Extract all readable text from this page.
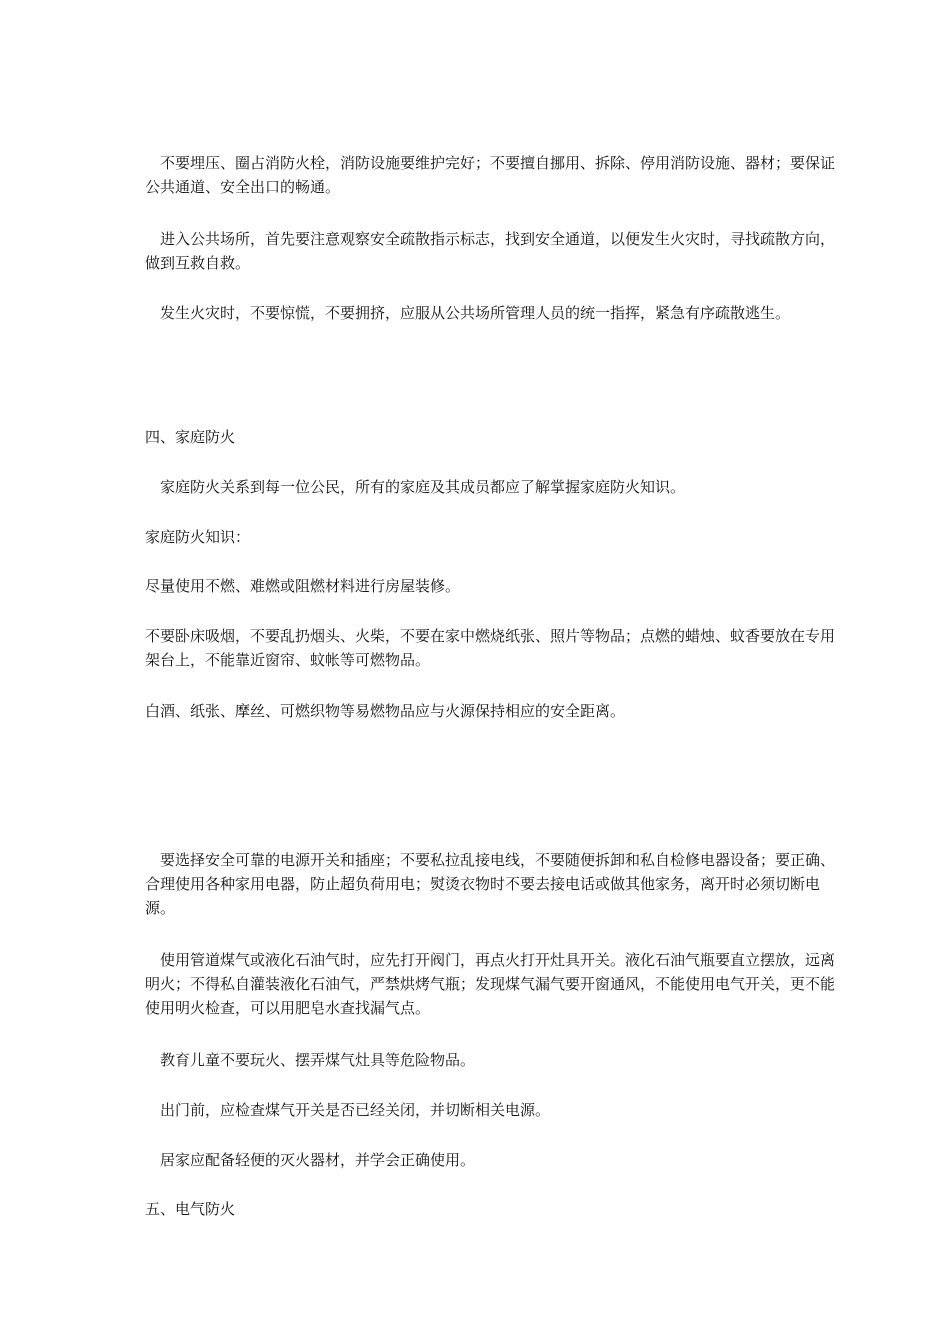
　不要埋压、圈占消防火栓，消防设施要维护完好；不要擅自挪用、拆除、停用消防设施、器材；要保证公共通道、安全出口的畅通。

　进入公共场所，首先要注意观察安全疏散指示标志，找到安全通道，以便发生火灾时，寻找疏散方向，做到互救自救。

　发生火灾时，不要惊慌，不要拥挤，应服从公共场所管理人员的统一指挥，紧急有序疏散逃生。

四、家庭防火

　家庭防火关系到每一位公民，所有的家庭及其成员都应了解掌握家庭防火知识。

家庭防火知识：

尽量使用不燃、难燃或阻燃材料进行房屋装修。

不要卧床吸烟，不要乱扔烟头、火柴，不要在家中燃烧纸张、照片等物品；点燃的蜡烛、蚊香要放在专用架台上，不能靠近窗帘、蚊帐等可燃物品。

白酒、纸张、摩丝、可燃织物等易燃物品应与火源保持相应的安全距离。

　要选择安全可靠的电源开关和插座；不要私拉乱接电线，不要随便拆卸和私自检修电器设备；要正确、合理使用各种家用电器，防止超负荷用电；熨烫衣物时不要去接电话或做其他家务，离开时必须切断电源。

　使用管道煤气或液化石油气时，应先打开阀门，再点火打开灶具开关。液化石油气瓶要直立摆放，远离明火；不得私自灌装液化石油气，严禁烘烤气瓶；发现煤气漏气要开窗通风，不能使用电气开关，更不能使用明火检查，可以用肥皂水查找漏气点。

　教育儿童不要玩火、摆弄煤气灶具等危险物品。

　出门前，应检查煤气开关是否已经关闭，并切断相关电源。

　居家应配备轻便的灭火器材，并学会正确使用。

五、电气防火
